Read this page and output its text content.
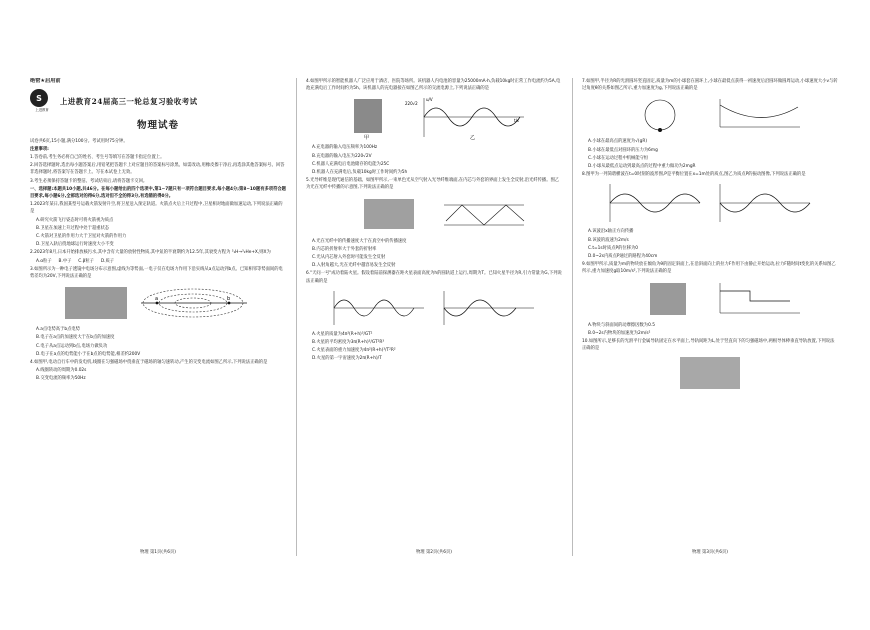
绝密★启用前

S
上进教育
上进教育24届高三一轮总复习验收考试
物理试卷

试卷共6页,15小题,满分100分。考试用时75分钟。

注意事项:

1.答卷前,考生务必将自己的姓名、考生号等填写在答题卡指定位置上。

2.回答选择题时,选出每小题答案后,用铅笔把答题卡上对应题目的答案标号涂黑。如需改动,用橡皮擦干净后,再选涂其他答案标号。回答非选择题时,将答案写在答题卡上。写在本试卷上无效。

3.考生必须保持答题卡的整洁。考试结束后,请将答题卡交回。

一、选择题:本题共10小题,共46分。在每小题给出的四个选项中,第1~7题只有一项符合题目要求,每小题4分;第8~10题有多项符合题目要求,每小题6分,全部选对的得6分,选对但不全的得3分,有选错的得0分。

1.2023年某日,我国某型号运载火箭发射升空,将卫星送入预定轨道。火箭点火后上升过程中,卫星相对地面做加速运动,下列说法正确的是

A.研究火箭飞行姿态时可将火箭视为质点

B.卫星在加速上升过程中处于超重状态

C.火箭对卫星的作用力大于卫星对火箭的作用力

D.卫星入轨后绕地球运行时速度大小不变

2.2023年8月,日本开始排放核污水,其中含有大量的放射性物质,其中氚的半衰期约为12.5年,其衰变方程为 ³₁H→³₂He+X,则X为

A.α粒子 B.中子 C.β粒子 D.质子

3.如图所示为一种电子透镜中电场分布示意图,虚线为等势面,一电子仅在电场力作用下沿实线从a点运动到b点。已知相邻等势面间的电势差均为20V,下列说法正确的是

a	b

A.a点电势高于b点电势

B.电子在a点的加速度大于在b点的加速度

C.电子从a点运动到b点,电场力做负功

D.电子在a点的电势能小于在b点的电势能,相差约200V

4.如图甲,电动自行车中的发电机,线圈在匀强磁场中绕垂直于磁场的轴匀速转动,产生的交变电流如图乙所示,下列说法正确的是

A.线圈转动的周期为0.02s

B.交变电流的频率为50Hz

物理 第1页(共6页)

4.如图甲所示的智能机器人广泛应用于酒店、医院等场所。该机器人内电池的容量为25000mA·h,负载10kg时正常工作电流约为5A,电池充满电后工作时间约为5h。该机器人的充电器接在如图乙所示的交流电源上,下列说法正确的是

甲
u/V
t/s
220√2
乙

A.充电器的输入电压频率为100Hz

B.充电器的输入电压为220√2V

C.机器人充满电后电池储存的电能为25C

D.机器人在充满电后,负载10kg时工作时间约为5h

5.光导纤维是现代通信的基础。如图甲所示,一束单色光从空气射入光导纤维端面,在内芯与外套的界面上发生全反射,沿光纤传播。图乙为光在光纤中传播的示意图,下列说法正确的是

A.光在光纤中的传播速度大于在真空中的传播速度

B.内芯的折射率大于外套的折射率

C.光从内芯射入外套时可能发生全反射

D.入射角越大,光在光纤中越容易发生全反射

6."天问一号"成功着陆火星。假设着陆前探测器在距火星表面高度为h的圆轨道上运行,周期为T。已知火星半径为R,引力常量为G,下列说法正确的是

A.火星的质量为4π²(R+h)³/GT²

B.火星的平均密度为3π(R+h)³/GT²R³

C.火星表面的重力加速度为4π²(R+h)³/T²R²

D.火星的第一宇宙速度为2π(R+h)/T

物理 第2页(共6页)

7.如图甲,半径为R的光滑圆环竖直固定,质量为m的小球套在圆环上,小球在最低点获得一初速度后沿圆环做圆周运动,小球速度大小v与转过角度θ的关系如图乙所示,重力加速度为g,下列说法正确的是

A.小球在最高点的速度为√(gR)

B.小球在最低点对圆环的压力为6mg

C.小球在运动过程中机械能守恒

D.小球从最低点运动到最高点的过程中重力做功为2mgR

8.图甲为一列简谐横波在t=0时刻的波形图,P是平衡位置在x=1m处的质点,图乙为质点P的振动图像,下列说法正确的是

A.该波沿x轴正方向传播

B.该波的波速为2m/s

C.t=1s时质点P的位移为0

D.0~2s内质点P通过的路程为40cm

9.如图甲所示,质量为m的物块放在倾角为θ的固定斜面上,在沿斜面向上的拉力F作用下由静止开始运动,拉力F随时间t变化的关系如图乙所示,重力加速度g取10m/s²,下列说法正确的是

A.物块与斜面间的动摩擦因数为0.5

B.0~2s内物块的加速度为2m/s²

10.如图所示,足够长的光滑平行金属导轨固定在水平面上,导轨间距为L,处于竖直向下的匀强磁场中,两根导体棒垂直导轨放置,下列说法正确的是

物理 第3页(共6页)
